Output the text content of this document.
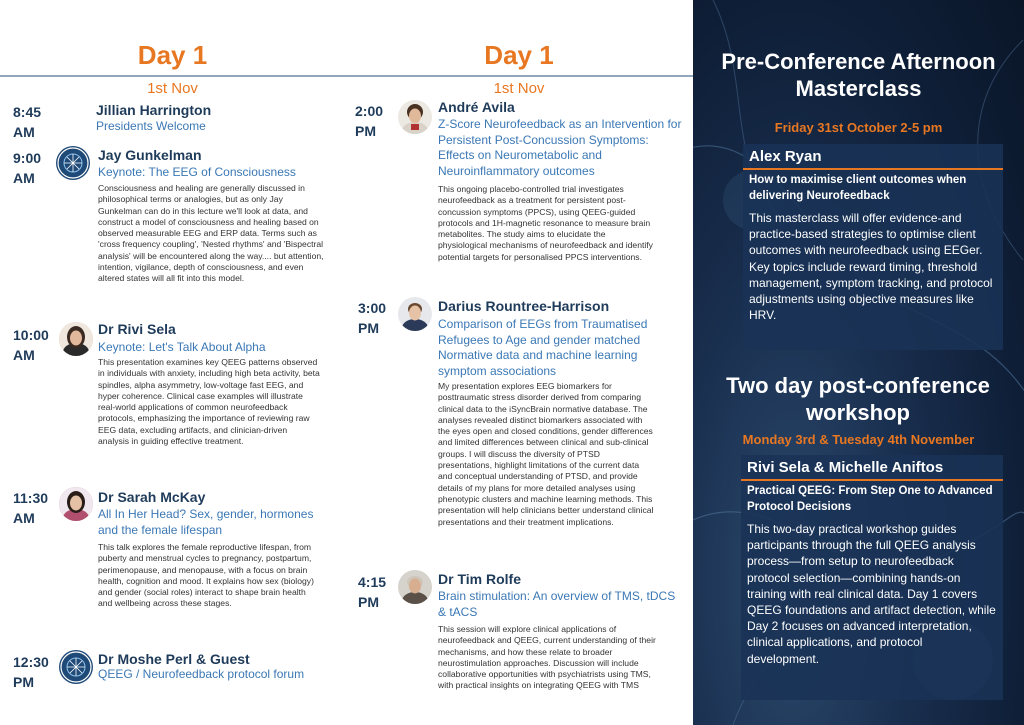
Day 1
1st Nov
8:45
AM
Jillian Harrington
Presidents Welcome
9:00
AM
Jay Gunkelman
Keynote: The EEG of Consciousness
Consciousness and healing are generally discussed in philosophical terms or analogies, but as only Jay Gunkelman can do in this lecture we'll look at data, and construct a model of consciousness and healing based on observed measurable EEG and ERP data. Terms such as 'cross frequency coupling', 'Nested rhythms' and 'Bispectral analysis' will be encountered along the way.... but attention, intention, vigilance, depth of consciousness, and even altered states will all fit into this model.
10:00
AM
Dr Rivi Sela
Keynote: Let's Talk About Alpha
This presentation examines key QEEG patterns observed in individuals with anxiety, including high beta activity, beta spindles, alpha asymmetry, low-voltage fast EEG, and hyper coherence. Clinical case examples will illustrate real-world applications of common neurofeedback protocols, emphasizing the importance of reviewing raw EEG data, excluding artifacts, and clinician-driven analysis in guiding effective treatment.
11:30
AM
Dr Sarah McKay
All In Her Head? Sex, gender, hormones and the female lifespan
This talk explores the female reproductive lifespan, from puberty and menstrual cycles to pregnancy, postpartum, perimenopause, and menopause, with a focus on brain health, cognition and mood. It explains how sex (biology) and gender (social roles) interact to shape brain health and wellbeing across these stages.
12:30
PM
Dr Moshe Perl & Guest
QEEG / Neurofeedback protocol forum
Day 1
1st Nov
2:00
PM
André Avila
Z-Score Neurofeedback as an Intervention for Persistent Post-Concussion Symptoms: Effects on Neurometabolic and Neuroinflammatory outcomes
This ongoing placebo-controlled trial investigates neurofeedback as a treatment for persistent post-concussion symptoms (PPCS), using QEEG-guided protocols and 1H-magnetic resonance to measure brain metabolites. The study aims to elucidate the physiological mechanisms of neurofeedback and identify potential targets for personalised PPCS interventions.
3:00
PM
Darius Rountree-Harrison
Comparison of EEGs from Traumatised Refugees to Age and gender matched Normative data and machine learning symptom associations
My presentation explores EEG biomarkers for posttraumatic stress disorder derived from comparing clinical data to the iSyncBrain normative database. The analyses revealed distinct biomarkers associated with the eyes open and closed conditions, gender differences and limited differences between clinical and sub-clinical groups. I will discuss the diversity of PTSD presentations, highlight limitations of the current data and conceptual understanding of PTSD, and provide details of my plans for more detailed analyses using phenotypic clusters and machine learning methods. This presentation will help clinicians better understand clinical presentations and their treatment implications.
4:15
PM
Dr Tim Rolfe
Brain stimulation: An overview of TMS, tDCS & tACS
This session will explore clinical applications of neurofeedback and QEEG, current understanding of their mechanisms, and how these relate to broader neurostimulation approaches. Discussion will include collaborative opportunities with psychiatrists using TMS, with practical insights on integrating QEEG with TMS
Pre-Conference Afternoon Masterclass
Friday 31st October 2-5 pm
Alex Ryan
How to maximise client outcomes when delivering Neurofeedback
This masterclass will offer evidence-and practice-based strategies to optimise client outcomes with neurofeedback using EEGer. Key topics include reward timing, threshold management, symptom tracking, and protocol adjustments using objective measures like HRV.
Two day post-conference workshop
Monday 3rd & Tuesday 4th November
Rivi Sela & Michelle Aniftos
Practical QEEG: From Step One to Advanced Protocol Decisions
This two-day practical workshop guides participants through the full QEEG analysis process—from setup to neurofeedback protocol selection—combining hands-on training with real clinical data. Day 1 covers QEEG foundations and artifact detection, while Day 2 focuses on advanced interpretation, clinical applications, and protocol development.
